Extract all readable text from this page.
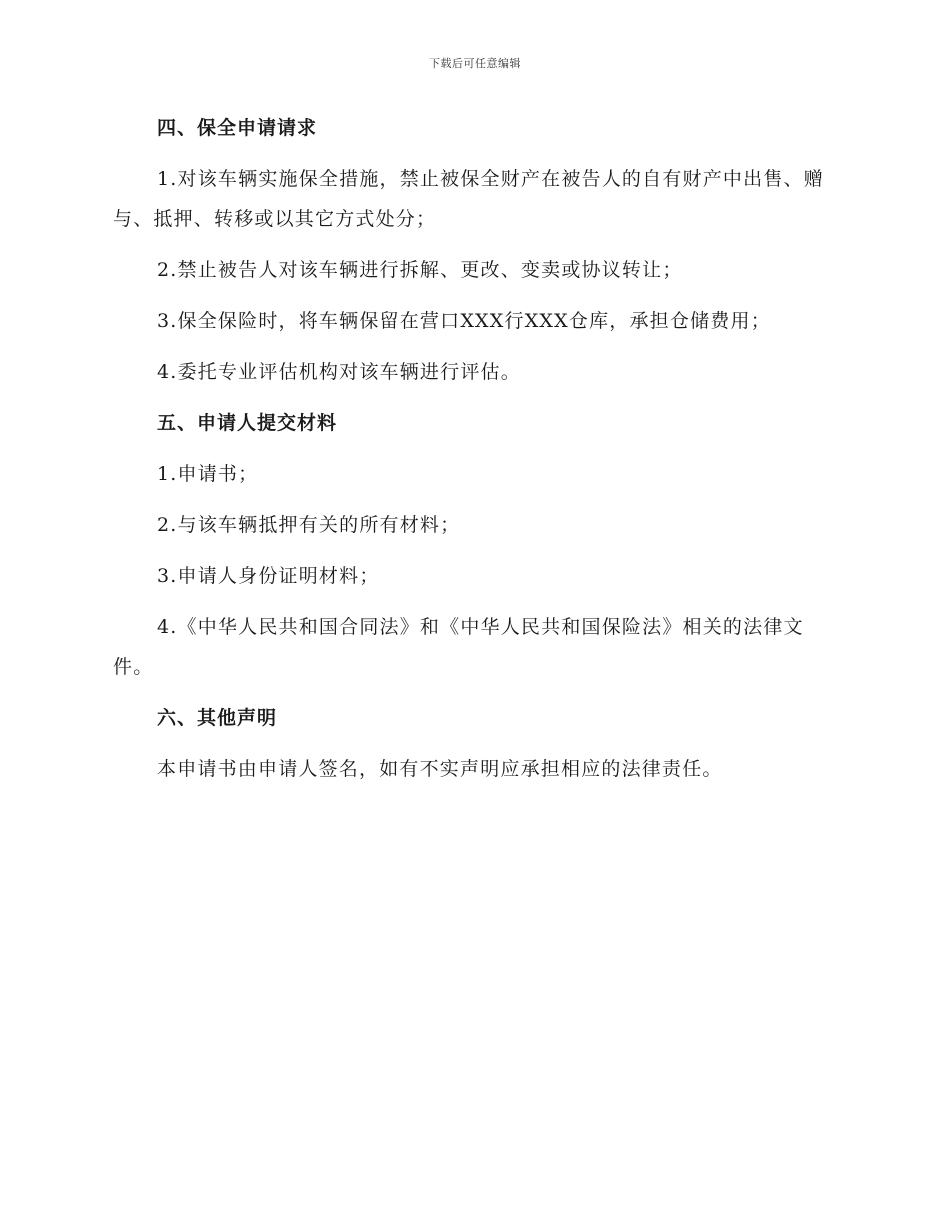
下载后可任意编辑
四、保全申请请求
1.对该车辆实施保全措施，禁止被保全财产在被告人的自有财产中出售、赠与、抵押、转移或以其它方式处分；
2.禁止被告人对该车辆进行拆解、更改、变卖或协议转让；
3.保全保险时，将车辆保留在营口XXX行XXX仓库，承担仓储费用；
4.委托专业评估机构对该车辆进行评估。
五、申请人提交材料
1.申请书；
2.与该车辆抵押有关的所有材料；
3.申请人身份证明材料；
4.《中华人民共和国合同法》和《中华人民共和国保险法》相关的法律文件。
六、其他声明
本申请书由申请人签名，如有不实声明应承担相应的法律责任。
